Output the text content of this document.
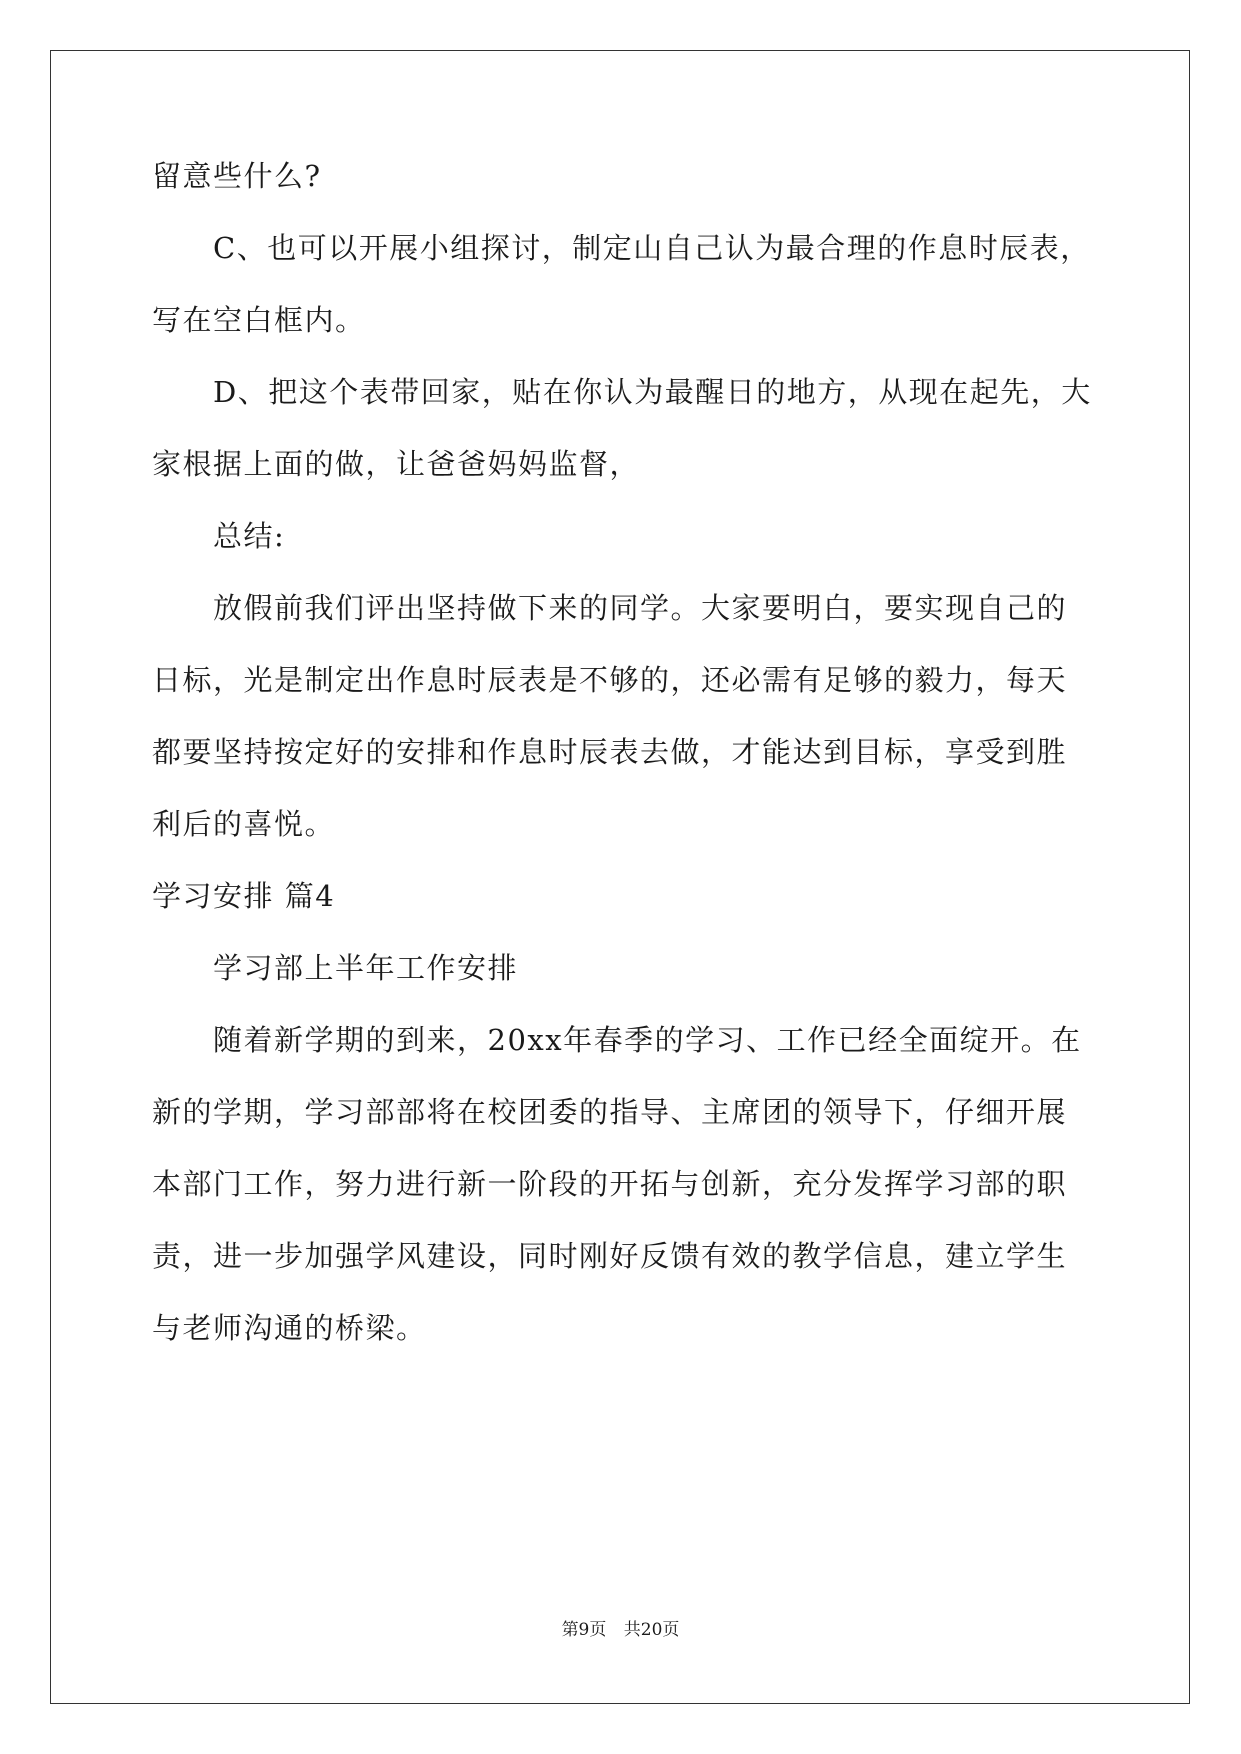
留意些什么?
C、也可以开展小组探讨，制定山自己认为最合理的作息时辰表，
写在空白框内。
D、把这个表带回家，贴在你认为最醒日的地方，从现在起先，大
家根据上面的做，让爸爸妈妈监督，
总结:
放假前我们评出坚持做下来的同学。大家要明白，要实现自己的
日标，光是制定出作息时辰表是不够的，还必需有足够的毅力，每天
都要坚持按定好的安排和作息时辰表去做，才能达到目标，享受到胜
利后的喜悦。
学习安排 篇4
学习部上半年工作安排
随着新学期的到来，20xx年春季的学习、工作已经全面绽开。在
新的学期，学习部部将在校团委的指导、主席团的领导下，仔细开展
本部门工作，努力进行新一阶段的开拓与创新，充分发挥学习部的职
责，进一步加强学风建设，同时刚好反馈有效的教学信息，建立学生
与老师沟通的桥梁。
第9页 共20页
